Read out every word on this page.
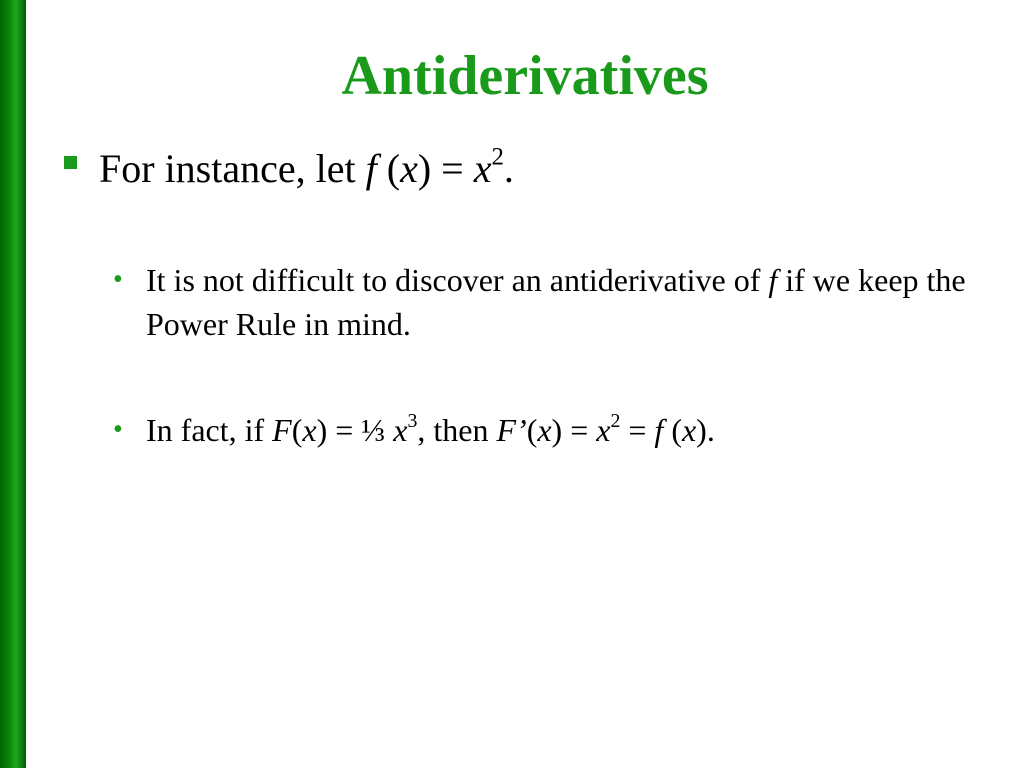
Antiderivatives
For instance, let f $(x) = x^2$.
• It is not difficult to discover an antiderivative of f if we keep the Power Rule in mind.
• In fact, if F(x) = ⅓ $x^3$, then F’(x) = $x^2 = f$ (x).
